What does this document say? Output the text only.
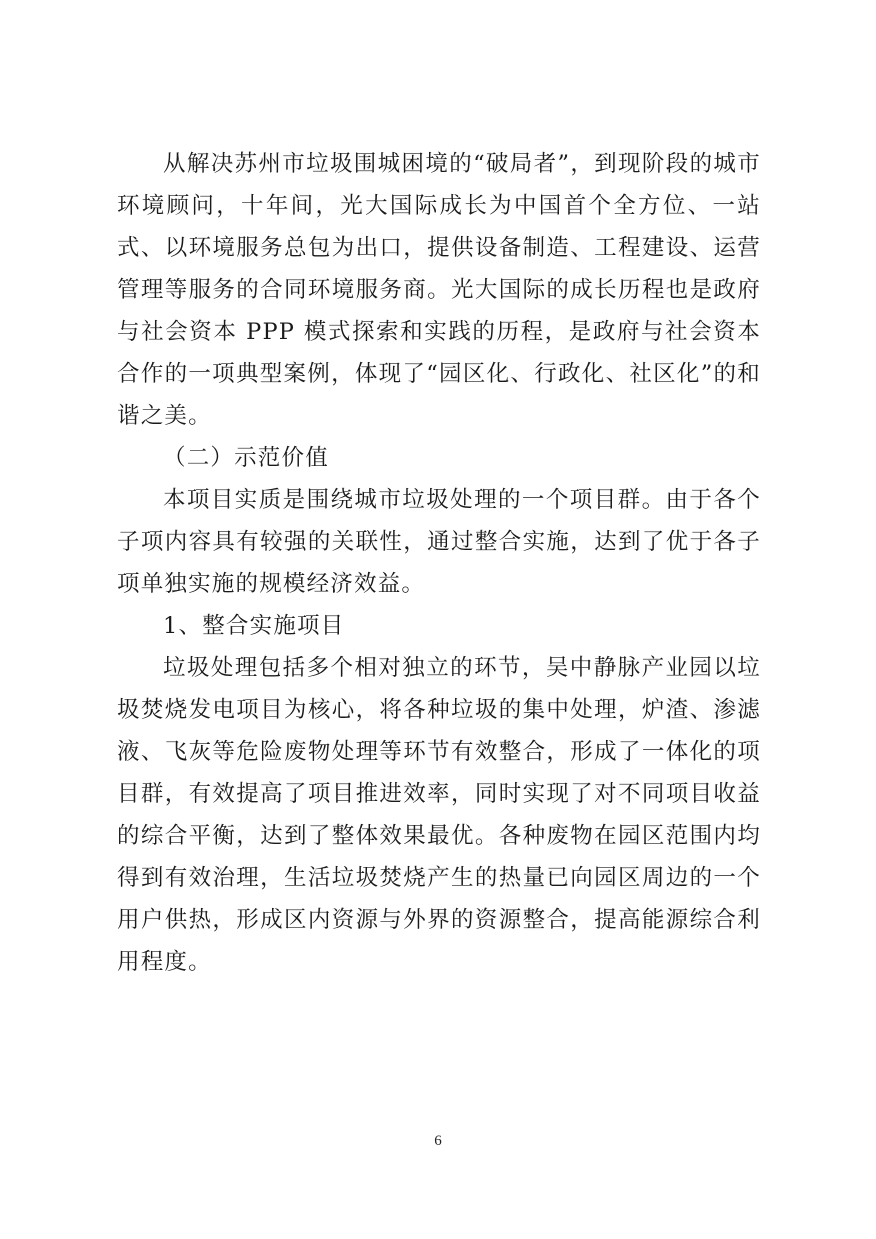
从解决苏州市垃圾围城困境的“破局者”，到现阶段的城市环境顾问，十年间，光大国际成长为中国首个全方位、一站式、以环境服务总包为出口，提供设备制造、工程建设、运营管理等服务的合同环境服务商。光大国际的成长历程也是政府与社会资本 PPP 模式探索和实践的历程，是政府与社会资本合作的一项典型案例，体现了“园区化、行政化、社区化”的和谐之美。

（二）示范价值

本项目实质是围绕城市垃圾处理的一个项目群。由于各个子项内容具有较强的关联性，通过整合实施，达到了优于各子项单独实施的规模经济效益。

1、整合实施项目

垃圾处理包括多个相对独立的环节，吴中静脉产业园以垃圾焚烧发电项目为核心，将各种垃圾的集中处理，炉渣、渗滤液、飞灰等危险废物处理等环节有效整合，形成了一体化的项目群，有效提高了项目推进效率，同时实现了对不同项目收益的综合平衡，达到了整体效果最优。各种废物在园区范围内均得到有效治理，生活垃圾焚烧产生的热量已向园区周边的一个用户供热，形成区内资源与外界的资源整合，提高能源综合利用程度。

6
